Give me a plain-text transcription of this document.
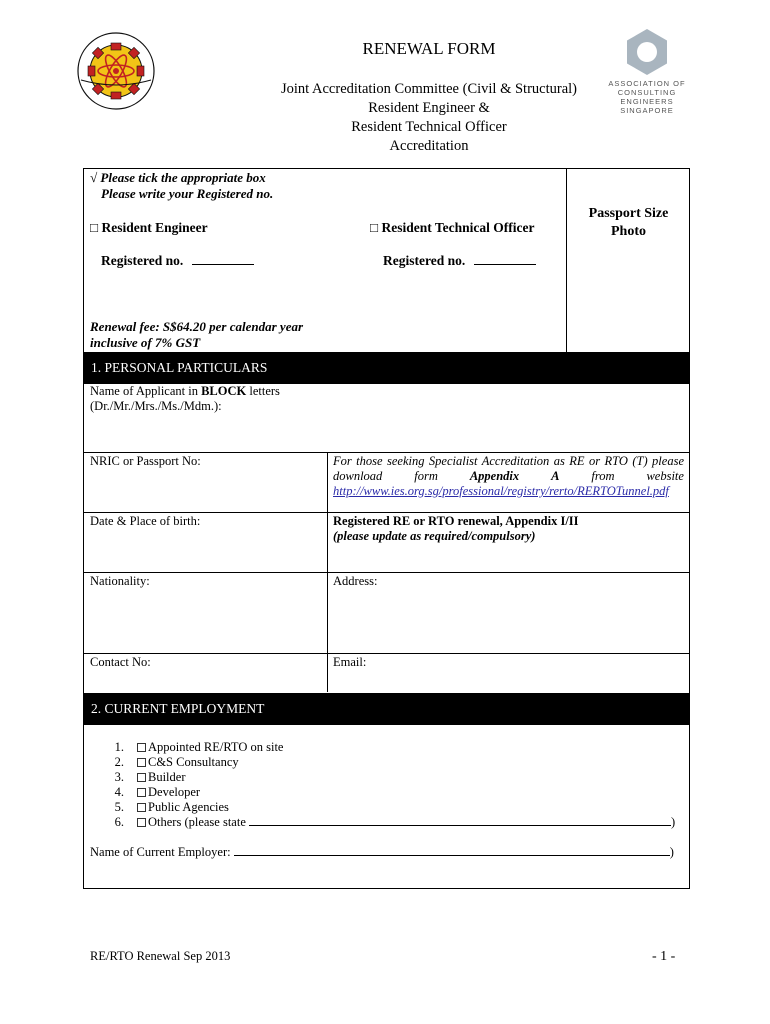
ASSOCIATION OF
CONSULTING ENGINEERS
SINGAPORE
RENEWAL FORM
Joint Accreditation Committee (Civil & Structural)
Resident Engineer &
Resident Technical Officer
Accreditation
√ Please tick the appropriate box
Please write your Registered no.
□ Resident Engineer	□ Resident Technical Officer
Registered no.	Registered no.
Renewal fee: S$64.20 per calendar year
inclusive of 7% GST
Passport Size
Photo
1. PERSONAL PARTICULARS
Name of Applicant in BLOCK letters
(Dr./Mr./Mrs./Ms./Mdm.):
NRIC or Passport No:	For those seeking Specialist Accreditation as RE or RTO (T) please
download	form	Appendix	A	from	website
http://www.ies.org.sg/professional/registry/rerto/RERTOTunnel.pdf
Date & Place of birth:	Registered RE or RTO renewal, Appendix I/II
(please update as required/compulsory)
Nationality:	Address:
Contact No:	Email:
2. CURRENT EMPLOYMENT
1. Appointed RE/RTO on site
2. C&S Consultancy
3. Builder
4. Developer
5. Public Agencies
6. Others (please state	)
Name of Current Employer:	)
RE/RTO Renewal Sep 2013	- 1 -
